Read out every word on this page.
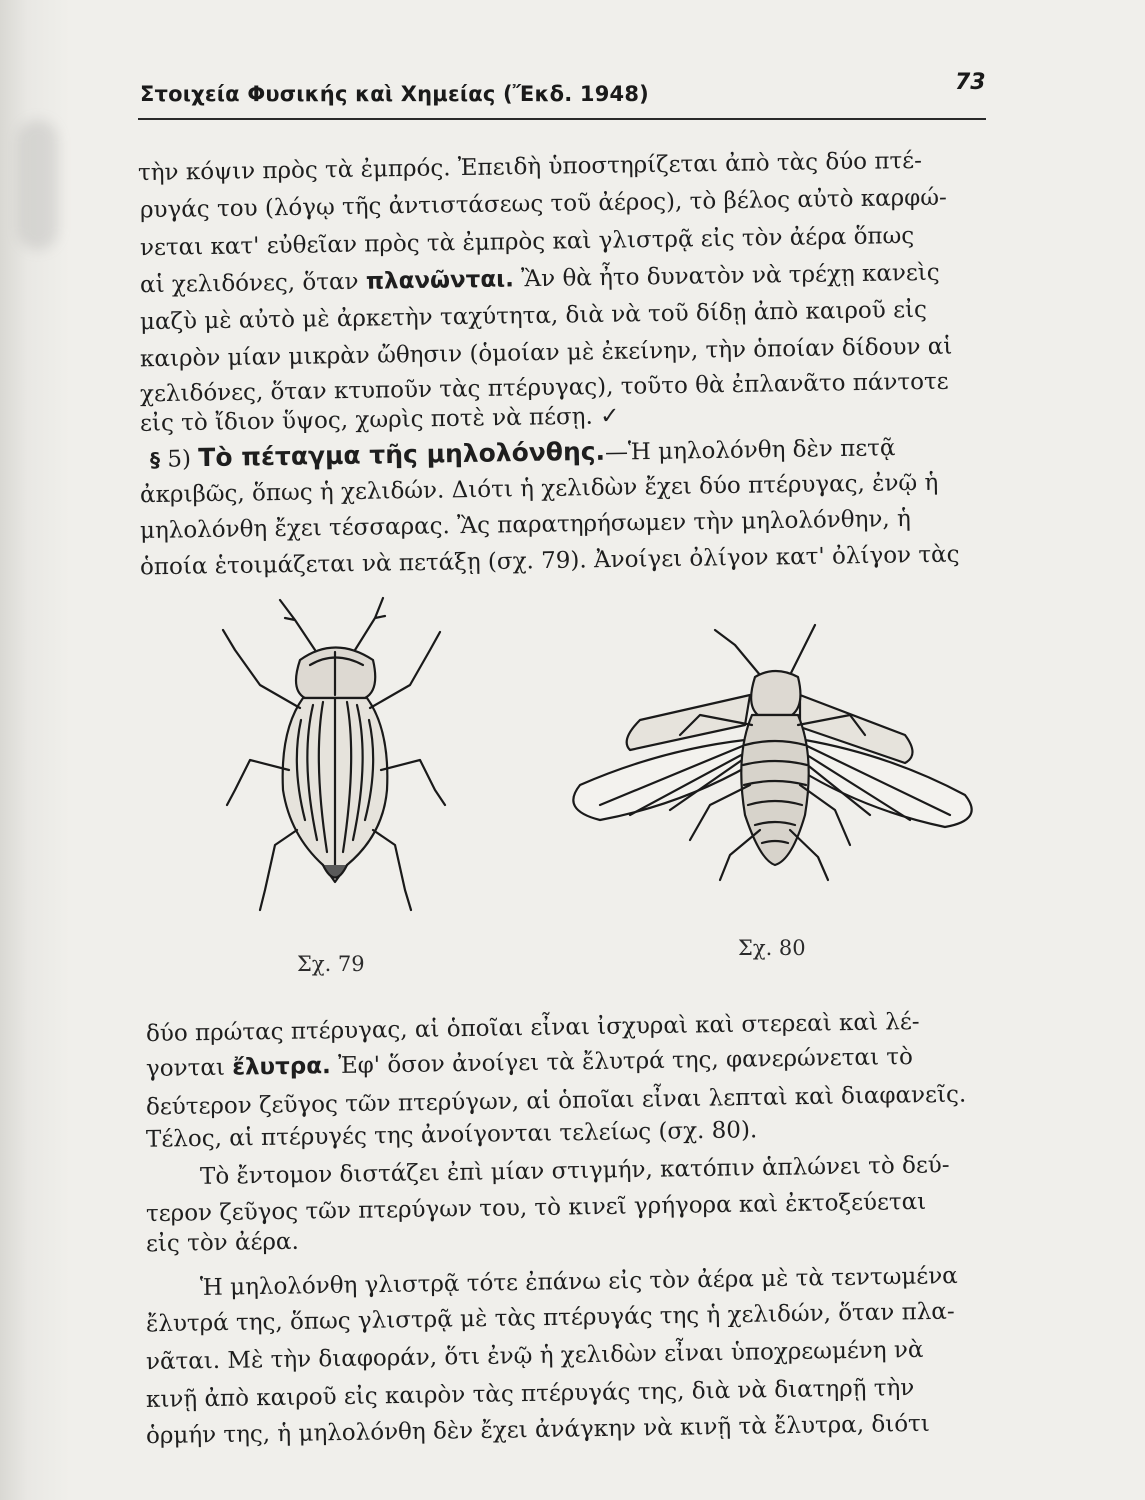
Στοιχεία Φυσικής καὶ Χημείας (Ἔκδ. 1948)	73
τὴν κόψιν πρὸς τὰ ἐμπρός. Ἐπειδὴ ὑποστηρίζεται ἀπὸ τὰς δύο πτέ-
ρυγάς του (λόγῳ τῆς ἀντιστάσεως τοῦ ἀέρος), τὸ βέλος αὐτὸ καρφώ-
νεται κατ' εὐθεῖαν πρὸς τὰ ἐμπρὸς καὶ γλιστρᾷ εἰς τὸν ἀέρα ὅπως
αἱ χελιδόνες, ὅταν πλανῶνται. Ἂν θὰ ἦτο δυνατὸν νὰ τρέχῃ κανεὶς
μαζὺ μὲ αὐτὸ μὲ ἀρκετὴν ταχύτητα, διὰ νὰ τοῦ δίδῃ ἀπὸ καιροῦ εἰς
καιρὸν μίαν μικρὰν ὤθησιν (ὁμοίαν μὲ ἐκείνην, τὴν ὁποίαν δίδουν αἱ
χελιδόνες, ὅταν κτυποῦν τὰς πτέρυγας), τοῦτο θὰ ἐπλανᾶτο πάντοτε
εἰς τὸ ἴδιον ὕψος, χωρὶς ποτὲ νὰ πέσῃ. ✓
§ 5) Τὸ πέταγμα τῆς μηλολόνθης.—Ἡ μηλολόνθη δὲν πετᾷ
ἀκριβῶς, ὅπως ἡ χελιδών. Διότι ἡ χελιδὼν ἔχει δύο πτέρυγας, ἐνῷ ἡ
μηλολόνθη ἔχει τέσσαρας. Ἂς παρατηρήσωμεν τὴν μηλολόνθην, ἡ
ὁποία ἑτοιμάζεται νὰ πετάξῃ (σχ. 79). Ἀνοίγει ὀλίγον κατ' ὀλίγον τὰς
Σχ. 79
Σχ. 80
δύο πρώτας πτέρυγας, αἱ ὁποῖαι εἶναι ἰσχυραὶ καὶ στερεαὶ καὶ λέ-
γονται ἔλυτρα. Ἐφ' ὅσον ἀνοίγει τὰ ἔλυτρά της, φανερώνεται τὸ
δεύτερον ζεῦγος τῶν πτερύγων, αἱ ὁποῖαι εἶναι λεπταὶ καὶ διαφανεῖς.
Τέλος, αἱ πτέρυγές της ἀνοίγονται τελείως (σχ. 80).
Τὸ ἔντομον διστάζει ἐπὶ μίαν στιγμήν, κατόπιν ἁπλώνει τὸ δεύ-
τερον ζεῦγος τῶν πτερύγων του, τὸ κινεῖ γρήγορα καὶ ἐκτοξεύεται
εἰς τὸν ἀέρα.
Ἡ μηλολόνθη γλιστρᾷ τότε ἐπάνω εἰς τὸν ἀέρα μὲ τὰ τεντωμένα
ἔλυτρά της, ὅπως γλιστρᾷ μὲ τὰς πτέρυγάς της ἡ χελιδών, ὅταν πλα-
νᾶται. Μὲ τὴν διαφοράν, ὅτι ἐνῷ ἡ χελιδὼν εἶναι ὑποχρεωμένη νὰ
κινῇ ἀπὸ καιροῦ εἰς καιρὸν τὰς πτέρυγάς της, διὰ νὰ διατηρῇ τὴν
ὁρμήν της, ἡ μηλολόνθη δὲν ἔχει ἀνάγκην νὰ κινῇ τὰ ἔλυτρα, διότι
